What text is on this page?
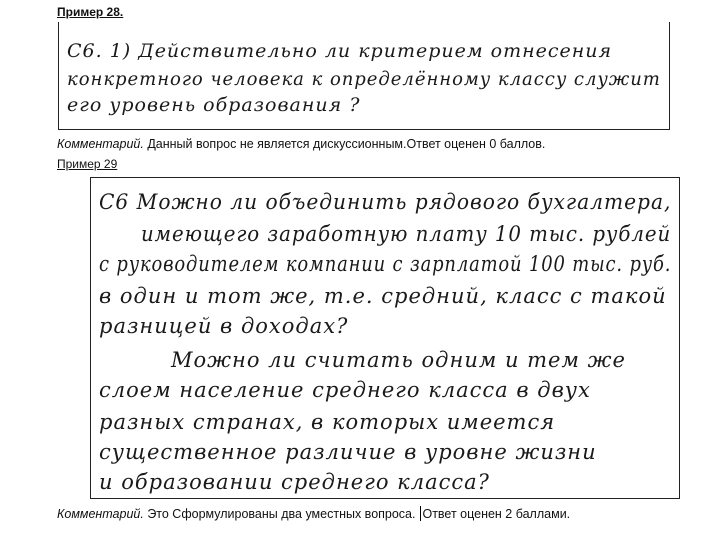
Пример 28.
С6. 1) Действительно ли критерием отнесения
конкретного человека к определённому классу служит
его уровень образования ?
Комментарий. Данный вопрос не является дискуссионным.Ответ оценен 0 баллов.
Пример 29
С6 Можно ли объединить рядового бухгалтера,
имеющего заработную плату 10 тыс. рублей
с руководителем компании с зарплатой 100 тыс. руб.
в один и тот же, т.е. средний, класс с такой
разницей в доходах?
Можно ли считать одним и тем же
слоем население среднего класса в двух
разных странах, в которых имеется
существенное различие в уровне жизни
и образовании среднего класса?
Комментарий. Это Сформулированы два уместных вопроса. Ответ оценен 2 баллами.
